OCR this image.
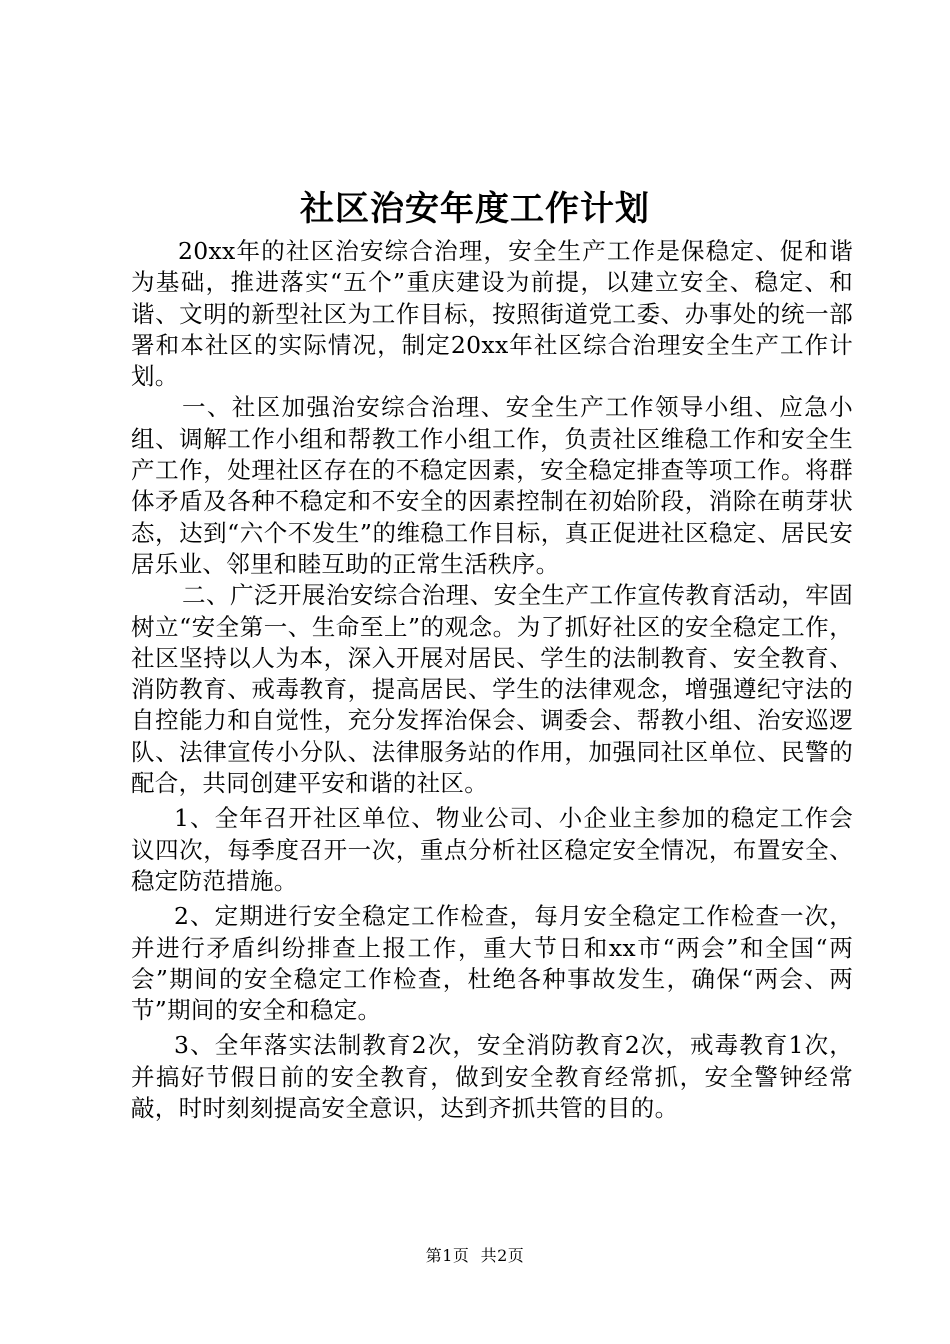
社区治安年度工作计划

20xx年的社区治安综合治理，安全生产工作是保稳定、促和谐为基础，推进落实“五个”重庆建设为前提，以建立安全、稳定、和谐、文明的新型社区为工作目标，按照街道党工委、办事处的统一部署和本社区的实际情况，制定20xx年社区综合治理安全生产工作计划。

一、社区加强治安综合治理、安全生产工作领导小组、应急小组、调解工作小组和帮教工作小组工作，负责社区维稳工作和安全生产工作，处理社区存在的不稳定因素，安全稳定排查等项工作。将群体矛盾及各种不稳定和不安全的因素控制在初始阶段，消除在萌芽状态，达到“六个不发生”的维稳工作目标，真正促进社区稳定、居民安居乐业、邻里和睦互助的正常生活秩序。

二、广泛开展治安综合治理、安全生产工作宣传教育活动，牢固树立“安全第一、生命至上”的观念。为了抓好社区的安全稳定工作，社区坚持以人为本，深入开展对居民、学生的法制教育、安全教育、消防教育、戒毒教育，提高居民、学生的法律观念，增强遵纪守法的自控能力和自觉性，充分发挥治保会、调委会、帮教小组、治安巡逻队、法律宣传小分队、法律服务站的作用，加强同社区单位、民警的配合，共同创建平安和谐的社区。

1、全年召开社区单位、物业公司、小企业主参加的稳定工作会议四次，每季度召开一次，重点分析社区稳定安全情况，布置安全、稳定防范措施。

2、定期进行安全稳定工作检查，每月安全稳定工作检查一次，并进行矛盾纠纷排查上报工作，重大节日和xx市“两会”和全国“两会”期间的安全稳定工作检查，杜绝各种事故发生，确保“两会、两节”期间的安全和稳定。

3、全年落实法制教育2次，安全消防教育2次，戒毒教育1次，并搞好节假日前的安全教育，做到安全教育经常抓，安全警钟经常敲，时时刻刻提高安全意识，达到齐抓共管的目的。

第1页  共2页
